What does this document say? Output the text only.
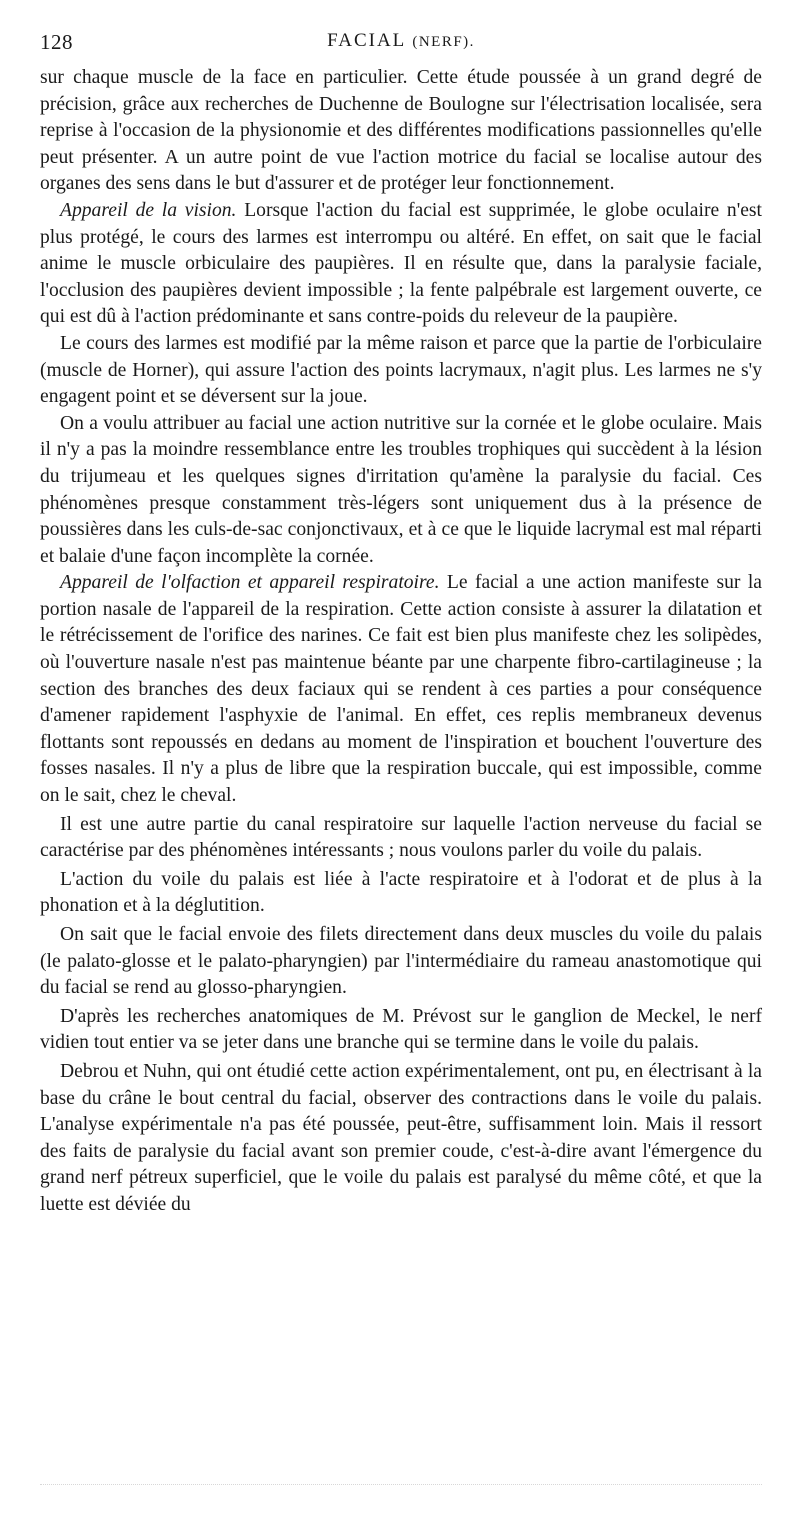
128	FACIAL (NERF).

sur chaque muscle de la face en particulier. Cette étude poussée à un grand degré de précision, grâce aux recherches de Duchenne de Boulogne sur l'électrisation localisée, sera reprise à l'occasion de la physionomie et des différentes modifications passionnelles qu'elle peut présenter. A un autre point de vue l'action motrice du facial se localise autour des organes des sens dans le but d'assurer et de protéger leur fonctionnement.

Appareil de la vision. Lorsque l'action du facial est supprimée, le globe oculaire n'est plus protégé, le cours des larmes est interrompu ou altéré. En effet, on sait que le facial anime le muscle orbiculaire des paupières. Il en résulte que, dans la paralysie faciale, l'occlusion des paupières devient impossible ; la fente palpébrale est largement ouverte, ce qui est dû à l'action prédominante et sans contre-poids du releveur de la paupière.

Le cours des larmes est modifié par la même raison et parce que la partie de l'orbiculaire (muscle de Horner), qui assure l'action des points lacrymaux, n'agit plus. Les larmes ne s'y engagent point et se déversent sur la joue.

On a voulu attribuer au facial une action nutritive sur la cornée et le globe oculaire. Mais il n'y a pas la moindre ressemblance entre les troubles trophiques qui succèdent à la lésion du trijumeau et les quelques signes d'irritation qu'amène la paralysie du facial. Ces phénomènes presque constamment très-légers sont uniquement dus à la présence de poussières dans les culs-de-sac conjonctivaux, et à ce que le liquide lacrymal est mal réparti et balaie d'une façon incomplète la cornée.

Appareil de l'olfaction et appareil respiratoire. Le facial a une action manifeste sur la portion nasale de l'appareil de la respiration. Cette action consiste à assurer la dilatation et le rétrécissement de l'orifice des narines. Ce fait est bien plus manifeste chez les solipèdes, où l'ouverture nasale n'est pas maintenue béante par une charpente fibro-cartilagineuse ; la section des branches des deux faciaux qui se rendent à ces parties a pour conséquence d'amener rapidement l'asphyxie de l'animal. En effet, ces replis membraneux devenus flottants sont repoussés en dedans au moment de l'inspiration et bouchent l'ouverture des fosses nasales. Il n'y a plus de libre que la respiration buccale, qui est impossible, comme on le sait, chez le cheval.

Il est une autre partie du canal respiratoire sur laquelle l'action nerveuse du facial se caractérise par des phénomènes intéressants ; nous voulons parler du voile du palais.

L'action du voile du palais est liée à l'acte respiratoire et à l'odorat et de plus à la phonation et à la déglutition.

On sait que le facial envoie des filets directement dans deux muscles du voile du palais (le palato-glosse et le palato-pharyngien) par l'intermédiaire du rameau anastomotique qui du facial se rend au glosso-pharyngien.

D'après les recherches anatomiques de M. Prévost sur le ganglion de Meckel, le nerf vidien tout entier va se jeter dans une branche qui se termine dans le voile du palais.

Debrou et Nuhn, qui ont étudié cette action expérimentalement, ont pu, en électrisant à la base du crâne le bout central du facial, observer des contractions dans le voile du palais. L'analyse expérimentale n'a pas été poussée, peut-être, suffisamment loin. Mais il ressort des faits de paralysie du facial avant son premier coude, c'est-à-dire avant l'émergence du grand nerf pétreux superficiel, que le voile du palais est paralysé du même côté, et que la luette est déviée du
